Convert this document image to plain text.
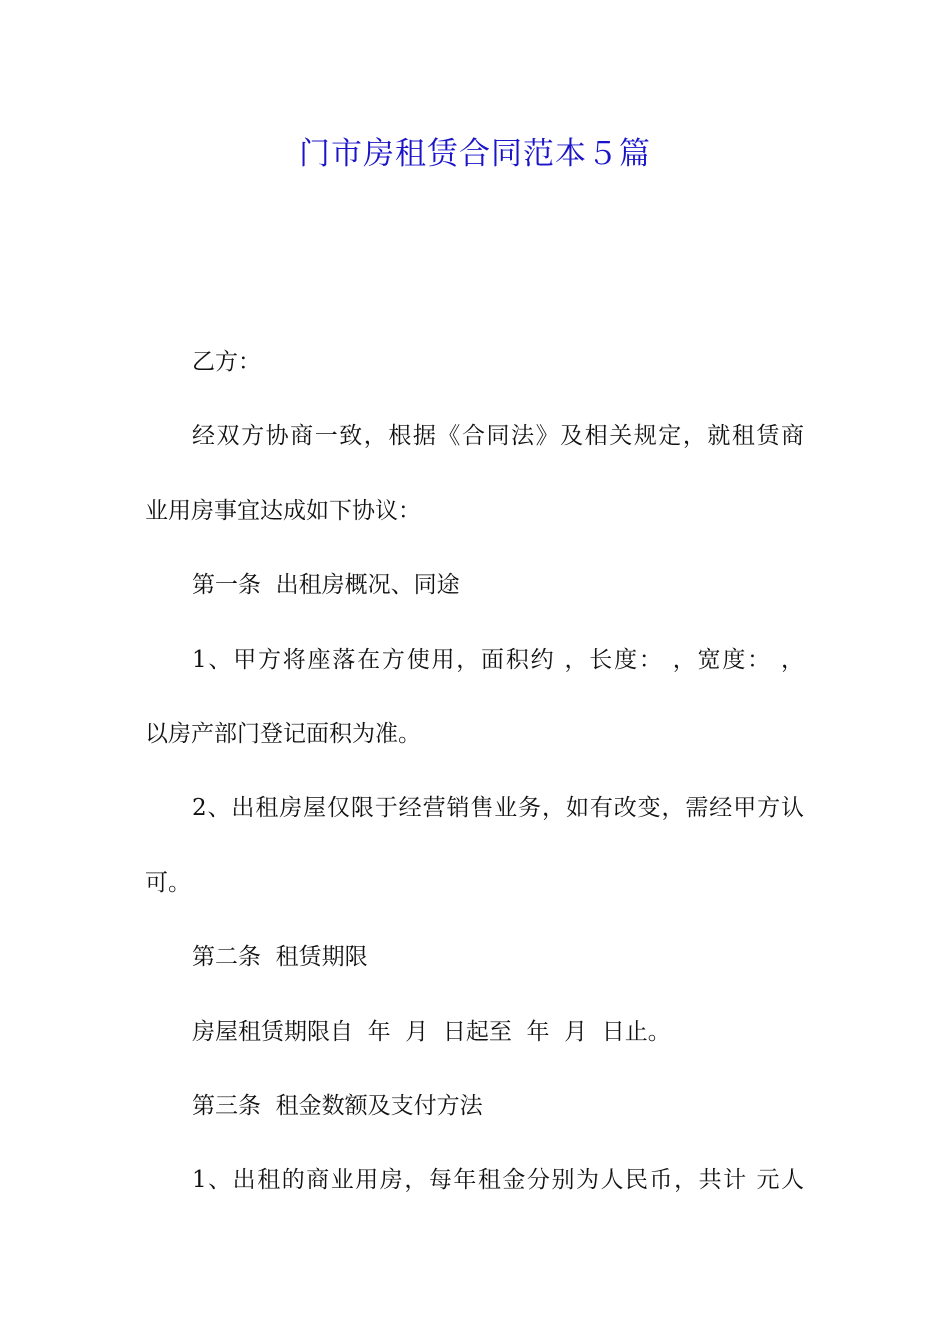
门市房租赁合同范本５篇
乙方：
经双方协商一致，根据《合同法》及相关规定，就租赁商
业用房事宜达成如下协议：
第一条  出租房概况、同途
1、甲方将座落在方使用，面积约 ，长度： ，宽度： ，
以房产部门登记面积为准。
2、出租房屋仅限于经营销售业务，如有改变，需经甲方认
可。
第二条  租赁期限
房屋租赁期限自  年  月  日起至  年  月  日止。
第三条  租金数额及支付方法
1、出租的商业用房，每年租金分别为人民币，共计 元人
